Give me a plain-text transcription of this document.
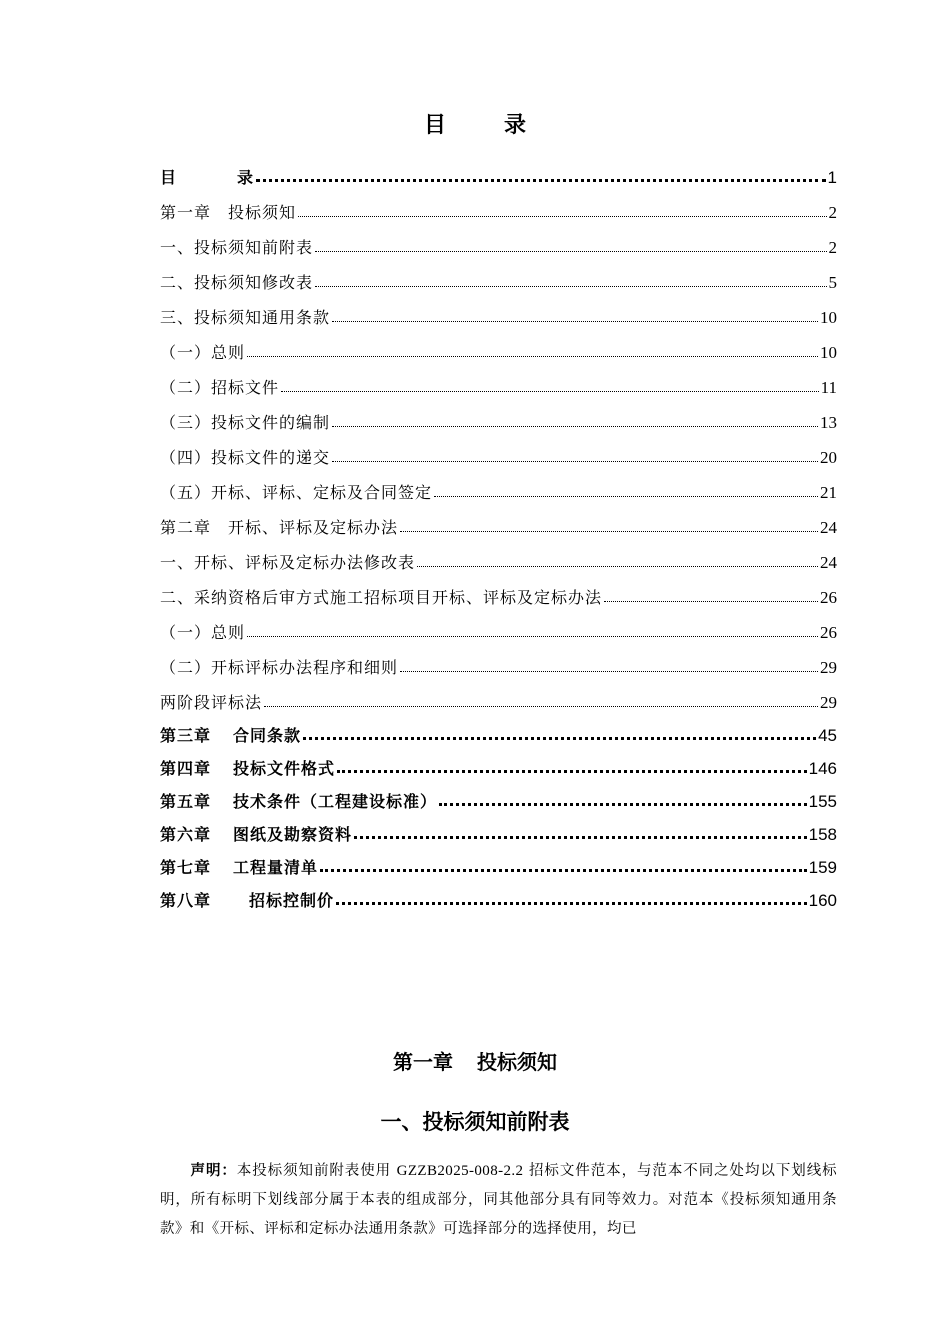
目	录
目	录	1
第一章　投标须知	2
一、投标须知前附表	2
二、投标须知修改表	5
三、投标须知通用条款	10
（一）总则	10
（二）招标文件	11
（三）投标文件的编制	13
（四）投标文件的递交	20
（五）开标、评标、定标及合同签定	21
第二章　开标、评标及定标办法	24
一、开标、评标及定标办法修改表	24
二、采纳资格后审方式施工招标项目开标、评标及定标办法	26
（一）总则	26
（二）开标评标办法程序和细则	29
两阶段评标法	29
第三章 合同条款	45
第四章 投标文件格式	146
第五章 技术条件（工程建设标准）	155
第六章 图纸及勘察资料	158
第七章 工程量清单	159
第八章 招标控制价	160
第一章 投标须知
一、投标须知前附表
声明：本投标须知前附表使用 GZZB2025-008-2.2 招标文件范本，与范本不同之处均以下划线标明，所有标明下划线部分属于本表的组成部分，同其他部分具有同等效力。对范本《投标须知通用条款》和《开标、评标和定标办法通用条款》可选择部分的选择使用，均已
